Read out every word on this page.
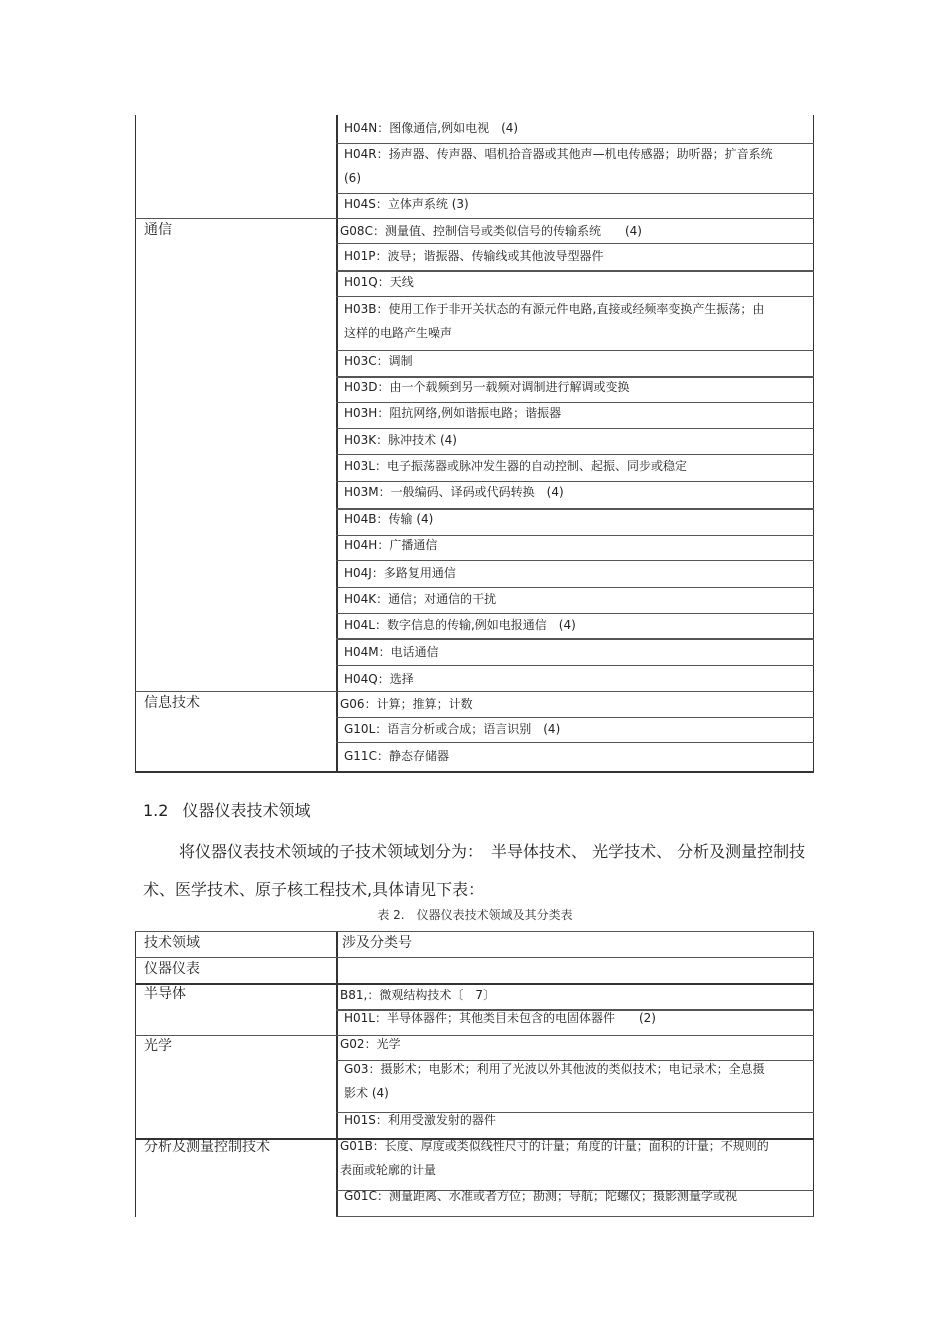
通信
信息技术
H04N：图像通信,例如电视　(4)
H04R：扬声器、传声器、唱机拾音器或其他声—机电传感器；助听器；扩音系统 (6)
H04S：立体声系统 (3)
G08C：测量值、控制信号或类似信号的传输系统　　(4)
H01P：波导；谐振器、传输线或其他波导型器件
H01Q：天线
H03B：使用工作于非开关状态的有源元件电路,直接或经频率变换产生振荡；由这样的电路产生噪声
H03C：调制
H03D：由一个载频到另一载频对调制进行解调或变换
H03H：阻抗网络,例如谐振电路；谐振器
H03K：脉冲技术 (4)
H03L：电子振荡器或脉冲发生器的自动控制、起振、同步或稳定
H03M：一般编码、译码或代码转换　(4)
H04B：传输 (4)
H04H：广播通信
H04J：多路复用通信
H04K：通信；对通信的干扰
H04L：数字信息的传输,例如电报通信　(4)
H04M：电话通信
H04Q：选择
G06：计算；推算；计数
G10L：语言分析或合成；语言识别　(4)
G11C：静态存储器
1.2 仪器仪表技术领域
将仪器仪表技术领域的子技术领域划分为：　半导体技术、 光学技术、 分析及测量控制技术、医学技术、原子核工程技术,具体请见下表：
表 2.　仪器仪表技术领域及其分类表
技术领域	涉及分类号
仪器仪表
半导体
光学
分析及测量控制技术
B81,：微观结构技术〔　7〕
H01L：半导体器件；其他类目未包含的电固体器件　　(2)
G02：光学
G03：摄影术；电影术；利用了光波以外其他波的类似技术；电记录术；全息摄影术 (4)
H01S：利用受激发射的器件
G01B：长度、厚度或类似线性尺寸的计量；角度的计量；面积的计量；不规则的表面或轮廓的计量
G01C：测量距离、水准或者方位；勘测；导航；陀螺仪；摄影测量学或视
